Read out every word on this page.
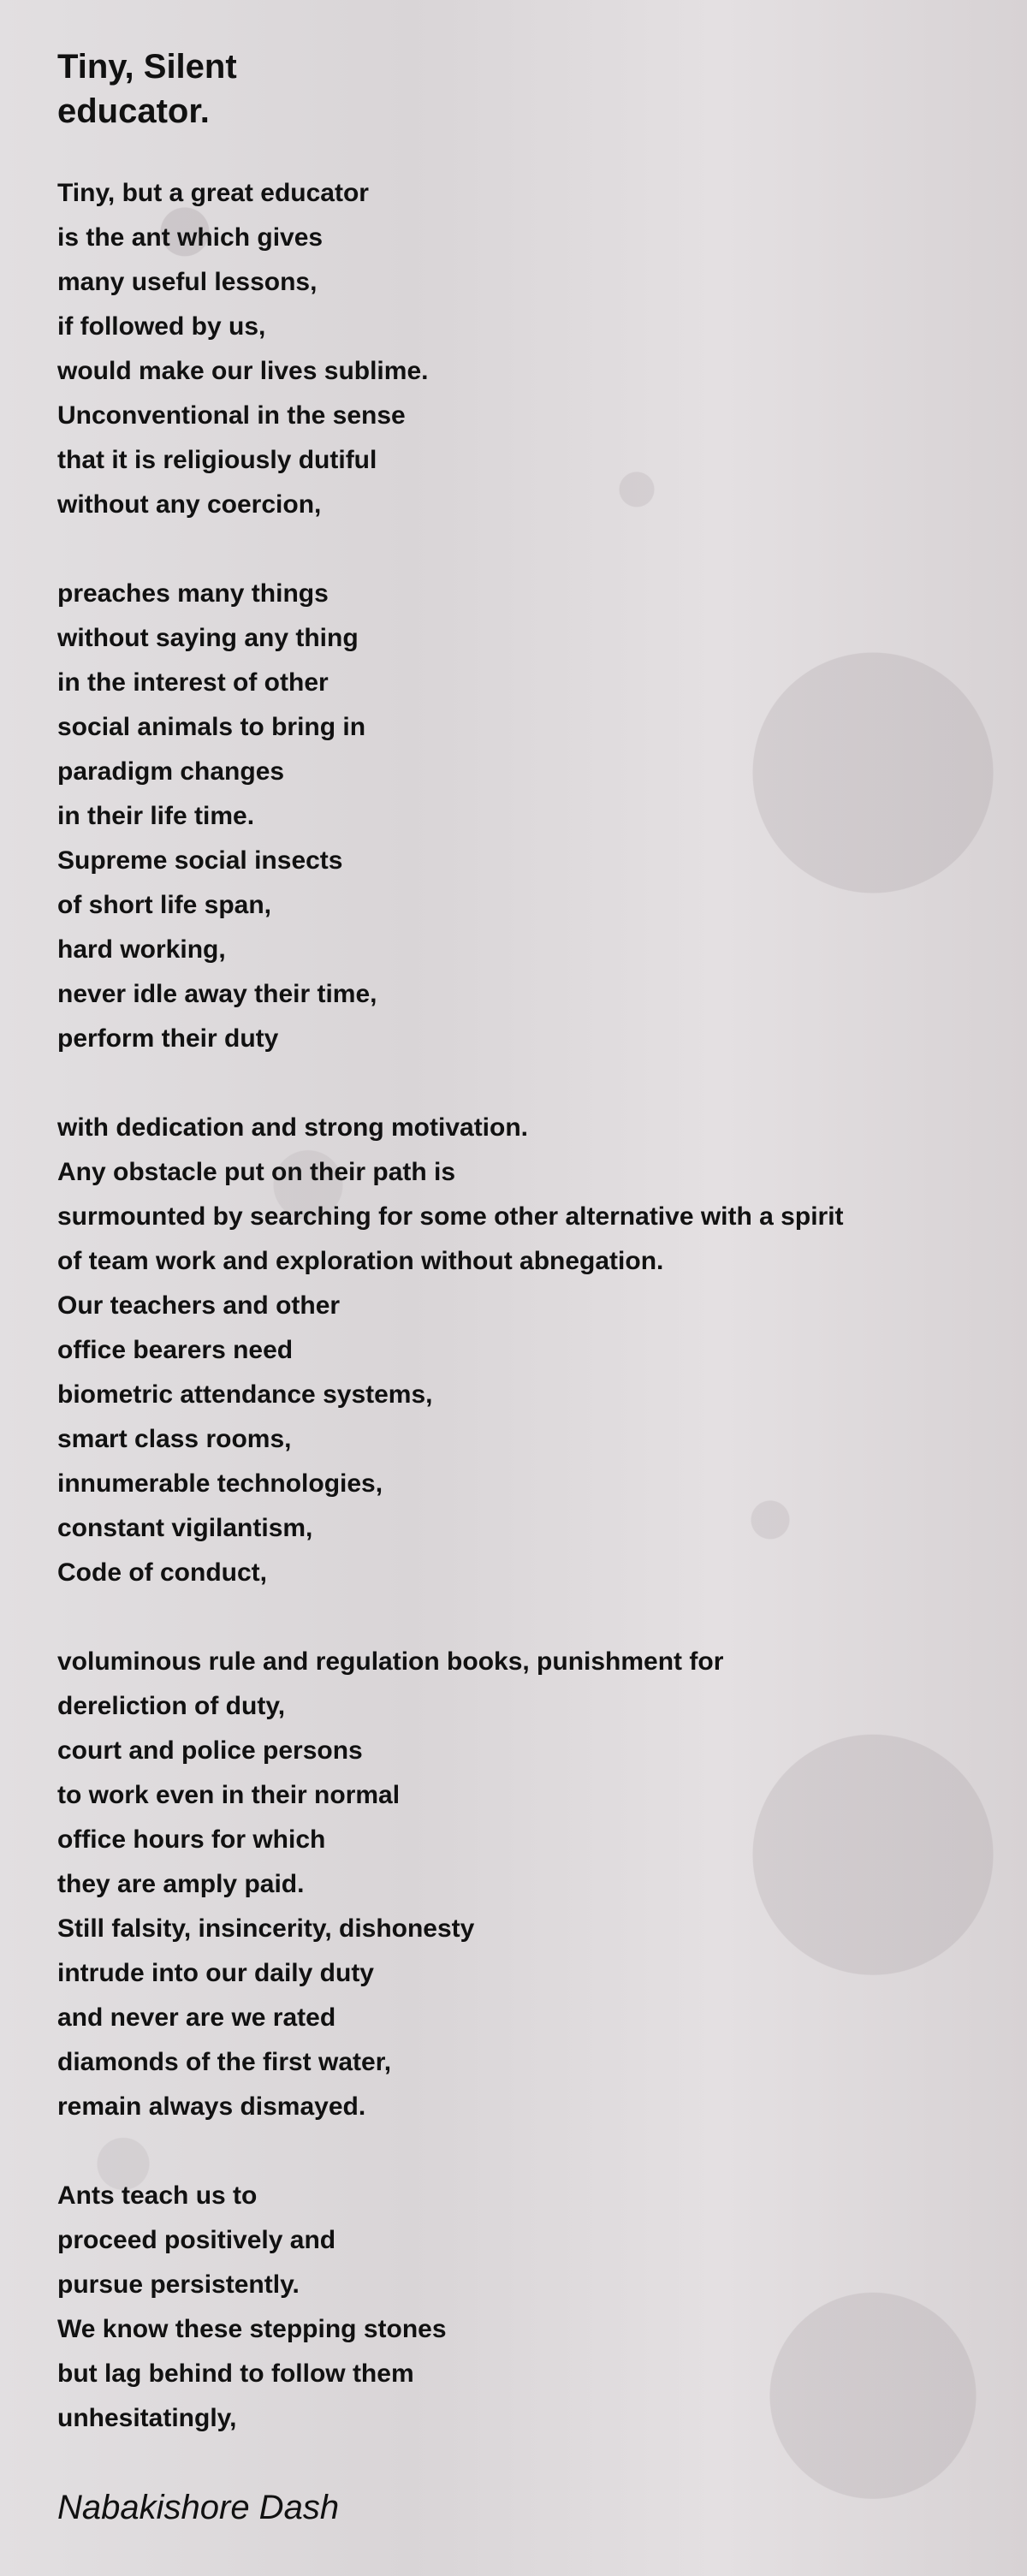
Tiny, Silent
educator.
Tiny, but a great educator
is the ant which gives
many useful lessons,
if followed by us,
would make our lives sublime.
Unconventional in the sense
that it is religiously dutiful
without any coercion,
preaches many things
without saying any thing
in the interest of other
social animals to bring in
paradigm changes
in their life time.
Supreme social insects
of short life span,
hard working,
never idle away their time,
perform their duty
with dedication and strong motivation.
Any obstacle put on their path is
surmounted by searching for some other alternative with a spirit
of team work and exploration without abnegation.
Our teachers and other
office bearers need
biometric attendance systems,
smart class rooms,
innumerable technologies,
constant vigilantism,
Code of conduct,
voluminous rule and regulation books, punishment for
dereliction of duty,
court and police persons
to work even in their normal
office hours for which
they are amply paid.
Still falsity, insincerity, dishonesty
intrude into our daily duty
and never are we rated
diamonds of the first water,
remain always dismayed.
Ants teach us to
proceed positively and
pursue persistently.
We know these stepping stones
but lag behind to follow them
unhesitatingly,

Nabakishore Dash
